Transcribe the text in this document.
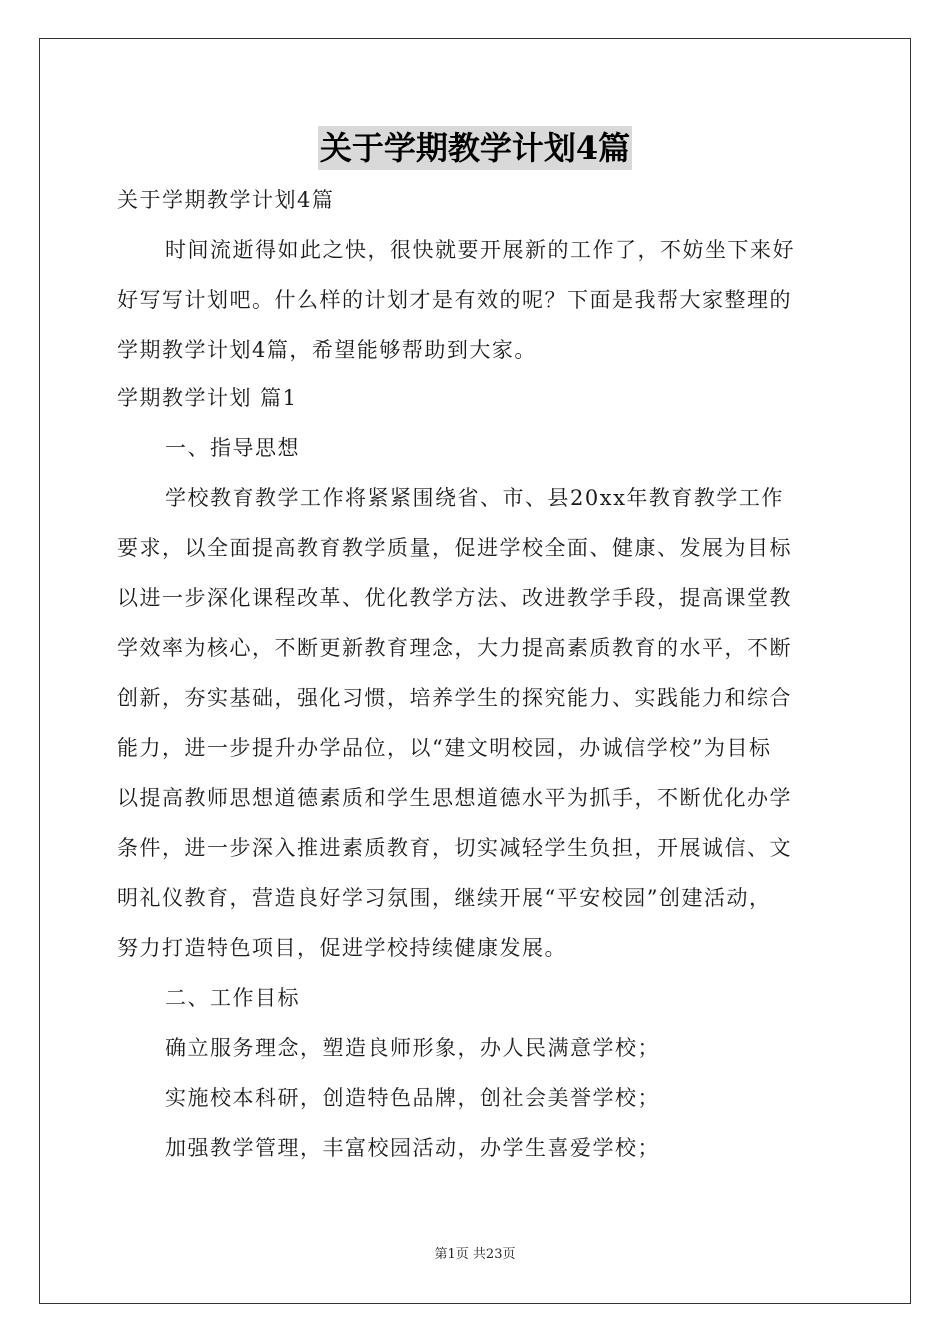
关于学期教学计划4篇
关于学期教学计划4篇
时间流逝得如此之快，很快就要开展新的工作了，不妨坐下来好
好写写计划吧。什么样的计划才是有效的呢？下面是我帮大家整理的
学期教学计划4篇，希望能够帮助到大家。
学期教学计划 篇1
一、指导思想
学校教育教学工作将紧紧围绕省、市、县20xx年教育教学工作
要求，以全面提高教育教学质量，促进学校全面、健康、发展为目标
以进一步深化课程改革、优化教学方法、改进教学手段，提高课堂教
学效率为核心，不断更新教育理念，大力提高素质教育的水平，不断
创新，夯实基础，强化习惯，培养学生的探究能力、实践能力和综合
能力，进一步提升办学品位，以“建文明校园，办诚信学校”为目标
以提高教师思想道德素质和学生思想道德水平为抓手，不断优化办学
条件，进一步深入推进素质教育，切实减轻学生负担，开展诚信、文
明礼仪教育，营造良好学习氛围，继续开展“平安校园”创建活动，
努力打造特色项目，促进学校持续健康发展。
二、工作目标
确立服务理念，塑造良师形象，办人民满意学校；
实施校本科研，创造特色品牌，创社会美誉学校；
加强教学管理，丰富校园活动，办学生喜爱学校；
第1页 共23页
